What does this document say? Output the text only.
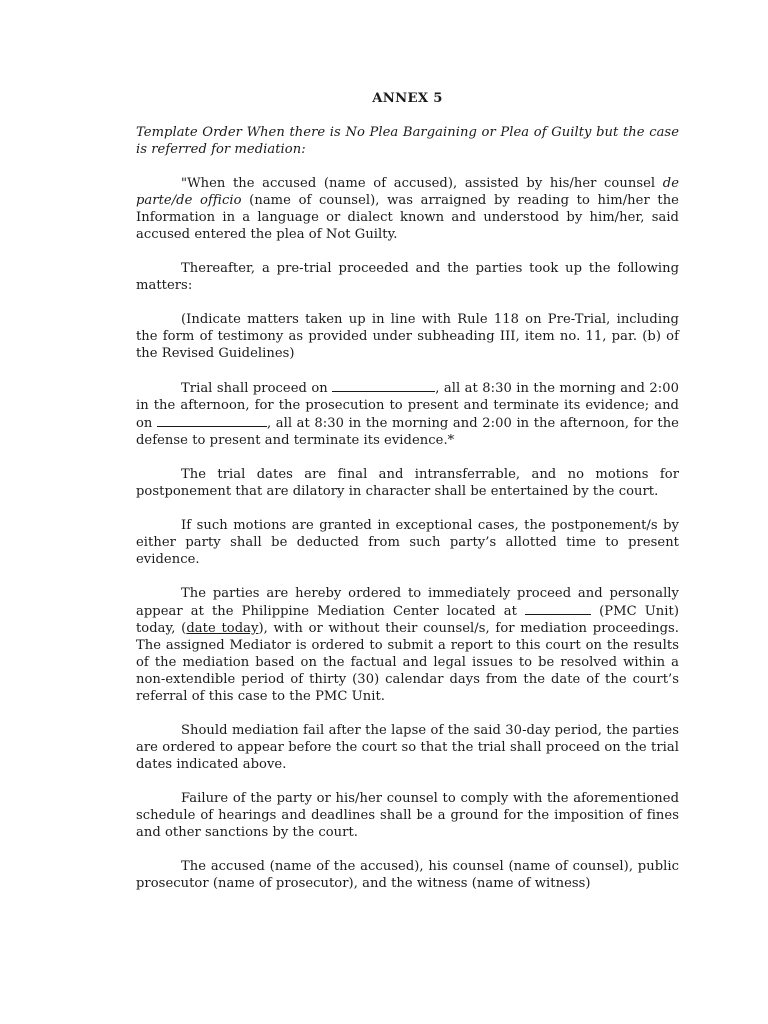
ANNEX 5
Template Order When there is No Plea Bargaining or Plea of Guilty but the case is referred for mediation:

"When the accused (name of accused), assisted by his/her counsel de parte/de officio (name of counsel), was arraigned by reading to him/her the Information in a language or dialect known and understood by him/her, said accused entered the plea of Not Guilty.

Thereafter, a pre-trial proceeded and the parties took up the following matters:

(Indicate matters taken up in line with Rule 118 on Pre-Trial, including the form of testimony as provided under subheading III, item no. 11, par. (b) of the Revised Guidelines)

Trial shall proceed on	, all at 8:30 in the morning and 2:00 in the afternoon, for the prosecution to present and terminate its evidence; and on	, all at 8:30 in the morning and 2:00 in the afternoon, for the defense to present and terminate its evidence.*

The trial dates are final and intransferrable, and no motions for postponement that are dilatory in character shall be entertained by the court.

If such motions are granted in exceptional cases, the postponement/s by either party shall be deducted from such party’s allotted time to present evidence.

The parties are hereby ordered to immediately proceed and personally appear at the Philippine Mediation Center located at	(PMC Unit) today, (date today), with or without their counsel/s, for mediation proceedings. The assigned Mediator is ordered to submit a report to this court on the results of the mediation based on the factual and legal issues to be resolved within a non-extendible period of thirty (30) calendar days from the date of the court’s referral of this case to the PMC Unit.

Should mediation fail after the lapse of the said 30-day period, the parties are ordered to appear before the court so that the trial shall proceed on the trial dates indicated above.

Failure of the party or his/her counsel to comply with the aforementioned schedule of hearings and deadlines shall be a ground for the imposition of fines and other sanctions by the court.

The accused (name of the accused), his counsel (name of counsel), public prosecutor (name of prosecutor), and the witness (name of witness)
